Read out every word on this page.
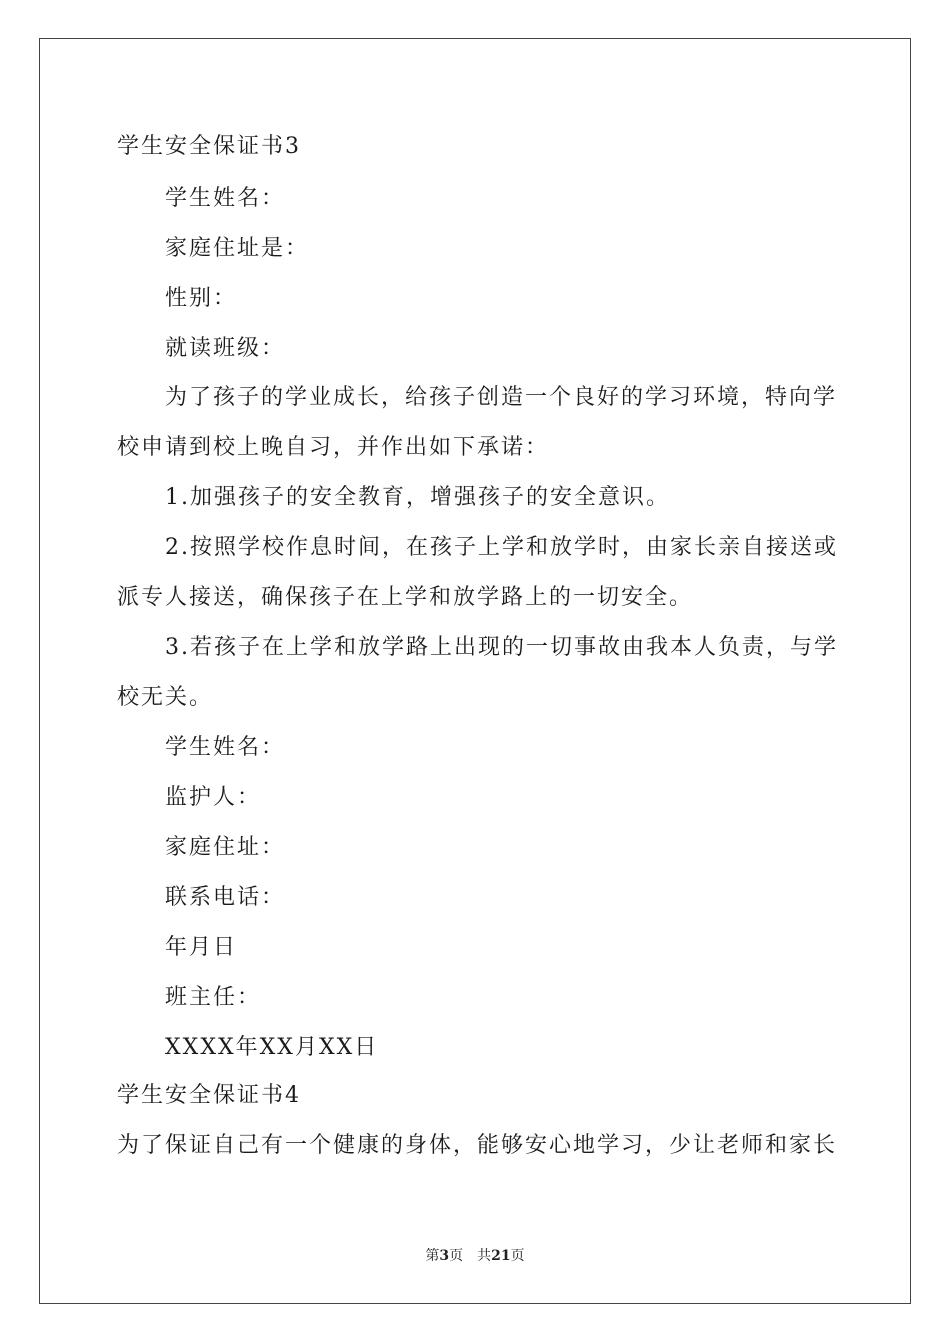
学生安全保证书3
学生姓名：
家庭住址是：
性别：
就读班级：
为了孩子的学业成长，给孩子创造一个良好的学习环境，特向学
校申请到校上晚自习，并作出如下承诺：
1.加强孩子的安全教育，增强孩子的安全意识。
2.按照学校作息时间，在孩子上学和放学时，由家长亲自接送或
派专人接送，确保孩子在上学和放学路上的一切安全。
3.若孩子在上学和放学路上出现的一切事故由我本人负责，与学
校无关。
学生姓名：
监护人：
家庭住址：
联系电话：
年月日
班主任：
XXXX年XX月XX日
学生安全保证书4
为了保证自己有一个健康的身体，能够安心地学习，少让老师和家长
第3页 共21页
